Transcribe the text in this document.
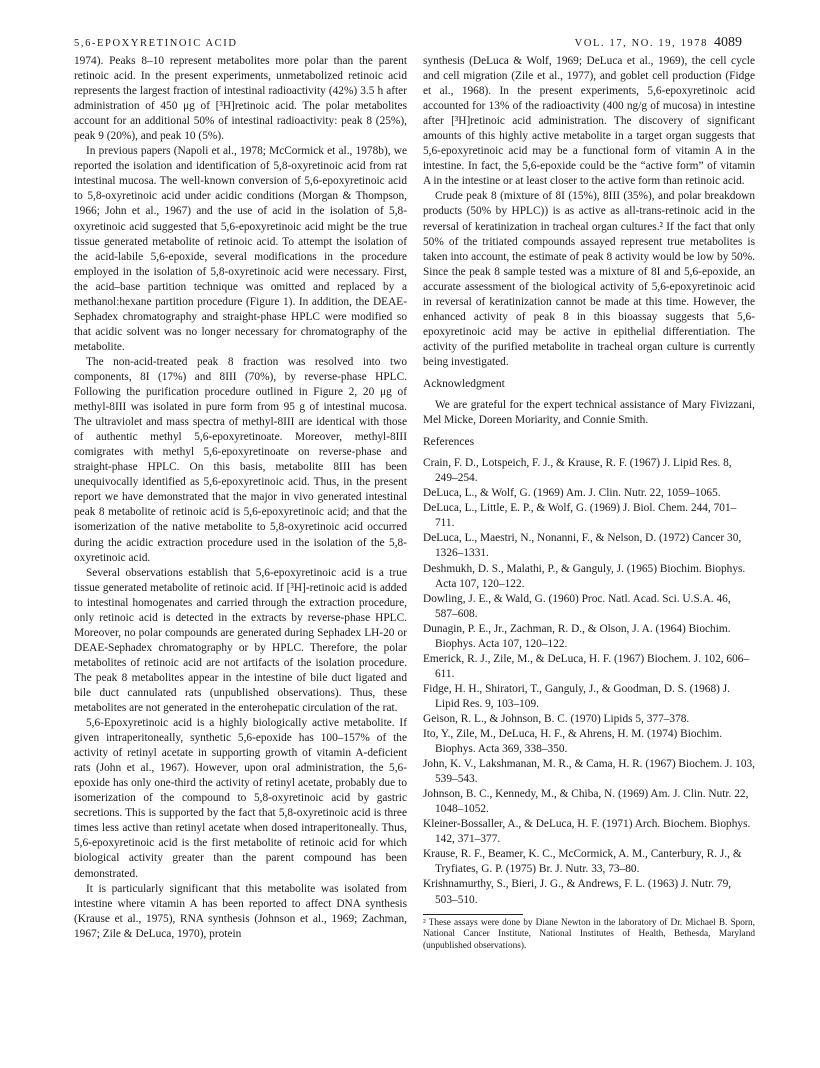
5,6-EPOXYRETINOIC ACID	VOL. 17, NO. 19, 1978 4089

1974). Peaks 8–10 represent metabolites more polar than the parent retinoic acid. In the present experiments, unmetabolized retinoic acid represents the largest fraction of intestinal radioactivity (42%) 3.5 h after administration of 450 μg of [³H]retinoic acid. The polar metabolites account for an additional 50% of intestinal radioactivity: peak 8 (25%), peak 9 (20%), and peak 10 (5%).

In previous papers (Napoli et al., 1978; McCormick et al., 1978b), we reported the isolation and identification of 5,8-oxyretinoic acid from rat intestinal mucosa. The well-known conversion of 5,6-epoxyretinoic acid to 5,8-oxyretinoic acid under acidic conditions (Morgan & Thompson, 1966; John et al., 1967) and the use of acid in the isolation of 5,8-oxyretinoic acid suggested that 5,6-epoxyretinoic acid might be the true tissue generated metabolite of retinoic acid. To attempt the isolation of the acid-labile 5,6-epoxide, several modifications in the procedure employed in the isolation of 5,8-oxyretinoic acid were necessary. First, the acid–base partition technique was omitted and replaced by a methanol:hexane partition procedure (Figure 1). In addition, the DEAE-Sephadex chromatography and straight-phase HPLC were modified so that acidic solvent was no longer necessary for chromatography of the metabolite.

The non-acid-treated peak 8 fraction was resolved into two components, 8I (17%) and 8III (70%), by reverse-phase HPLC. Following the purification procedure outlined in Figure 2, 20 μg of methyl-8III was isolated in pure form from 95 g of intestinal mucosa. The ultraviolet and mass spectra of methyl-8III are identical with those of authentic methyl 5,6-epoxyretinoate. Moreover, methyl-8III comigrates with methyl 5,6-epoxyretinoate on reverse-phase and straight-phase HPLC. On this basis, metabolite 8III has been unequivocally identified as 5,6-epoxyretinoic acid. Thus, in the present report we have demonstrated that the major in vivo generated intestinal peak 8 metabolite of retinoic acid is 5,6-epoxyretinoic acid; and that the isomerization of the native metabolite to 5,8-oxyretinoic acid occurred during the acidic extraction procedure used in the isolation of the 5,8-oxyretinoic acid.

Several observations establish that 5,6-epoxyretinoic acid is a true tissue generated metabolite of retinoic acid. If [³H]-retinoic acid is added to intestinal homogenates and carried through the extraction procedure, only retinoic acid is detected in the extracts by reverse-phase HPLC. Moreover, no polar compounds are generated during Sephadex LH-20 or DEAE-Sephadex chromatography or by HPLC. Therefore, the polar metabolites of retinoic acid are not artifacts of the isolation procedure. The peak 8 metabolites appear in the intestine of bile duct ligated and bile duct cannulated rats (unpublished observations). Thus, these metabolites are not generated in the enterohepatic circulation of the rat.

5,6-Epoxyretinoic acid is a highly biologically active metabolite. If given intraperitoneally, synthetic 5,6-epoxide has 100–157% of the activity of retinyl acetate in supporting growth of vitamin A-deficient rats (John et al., 1967). However, upon oral administration, the 5,6-epoxide has only one-third the activity of retinyl acetate, probably due to isomerization of the compound to 5,8-oxyretinoic acid by gastric secretions. This is supported by the fact that 5,8-oxyretinoic acid is three times less active than retinyl acetate when dosed intraperitoneally. Thus, 5,6-epoxyretinoic acid is the first metabolite of retinoic acid for which biological activity greater than the parent compound has been demonstrated.

It is particularly significant that this metabolite was isolated from intestine where vitamin A has been reported to affect DNA synthesis (Krause et al., 1975), RNA synthesis (Johnson et al., 1969; Zachman, 1967; Zile & DeLuca, 1970), protein

synthesis (DeLuca & Wolf, 1969; DeLuca et al., 1969), the cell cycle and cell migration (Zile et al., 1977), and goblet cell production (Fidge et al., 1968). In the present experiments, 5,6-epoxyretinoic acid accounted for 13% of the radioactivity (400 ng/g of mucosa) in intestine after [³H]retinoic acid administration. The discovery of significant amounts of this highly active metabolite in a target organ suggests that 5,6-epoxyretinoic acid may be a functional form of vitamin A in the intestine. In fact, the 5,6-epoxide could be the “active form” of vitamin A in the intestine or at least closer to the active form than retinoic acid.

Crude peak 8 (mixture of 8I (15%), 8III (35%), and polar breakdown products (50% by HPLC)) is as active as all-trans-retinoic acid in the reversal of keratinization in tracheal organ cultures.² If the fact that only 50% of the tritiated compounds assayed represent true metabolites is taken into account, the estimate of peak 8 activity would be low by 50%. Since the peak 8 sample tested was a mixture of 8I and 5,6-epoxide, an accurate assessment of the biological activity of 5,6-epoxyretinoic acid in reversal of keratinization cannot be made at this time. However, the enhanced activity of peak 8 in this bioassay suggests that 5,6-epoxyretinoic acid may be active in epithelial differentiation. The activity of the purified metabolite in tracheal organ culture is currently being investigated.

Acknowledgment

We are grateful for the expert technical assistance of Mary Fivizzani, Mel Micke, Doreen Moriarity, and Connie Smith.

References

Crain, F. D., Lotspeich, F. J., & Krause, R. F. (1967) J. Lipid Res. 8, 249–254.

DeLuca, L., & Wolf, G. (1969) Am. J. Clin. Nutr. 22, 1059–1065.

DeLuca, L., Little, E. P., & Wolf, G. (1969) J. Biol. Chem. 244, 701–711.

DeLuca, L., Maestri, N., Nonanni, F., & Nelson, D. (1972) Cancer 30, 1326–1331.

Deshmukh, D. S., Malathi, P., & Ganguly, J. (1965) Biochim. Biophys. Acta 107, 120–122.

Dowling, J. E., & Wald, G. (1960) Proc. Natl. Acad. Sci. U.S.A. 46, 587–608.

Dunagin, P. E., Jr., Zachman, R. D., & Olson, J. A. (1964) Biochim. Biophys. Acta 107, 120–122.

Emerick, R. J., Zile, M., & DeLuca, H. F. (1967) Biochem. J. 102, 606–611.

Fidge, H. H., Shiratori, T., Ganguly, J., & Goodman, D. S. (1968) J. Lipid Res. 9, 103–109.

Geison, R. L., & Johnson, B. C. (1970) Lipids 5, 377–378.

Ito, Y., Zile, M., DeLuca, H. F., & Ahrens, H. M. (1974) Biochim. Biophys. Acta 369, 338–350.

John, K. V., Lakshmanan, M. R., & Cama, H. R. (1967) Biochem. J. 103, 539–543.

Johnson, B. C., Kennedy, M., & Chiba, N. (1969) Am. J. Clin. Nutr. 22, 1048–1052.

Kleiner-Bossaller, A., & DeLuca, H. F. (1971) Arch. Biochem. Biophys. 142, 371–377.

Krause, R. F., Beamer, K. C., McCormick, A. M., Canterbury, R. J., & Tryfiates, G. P. (1975) Br. J. Nutr. 33, 73–80.

Krishnamurthy, S., Bieri, J. G., & Andrews, F. L. (1963) J. Nutr. 79, 503–510.

² These assays were done by Diane Newton in the laboratory of Dr. Michael B. Sporn, National Cancer Institute, National Institutes of Health, Bethesda, Maryland (unpublished observations).
